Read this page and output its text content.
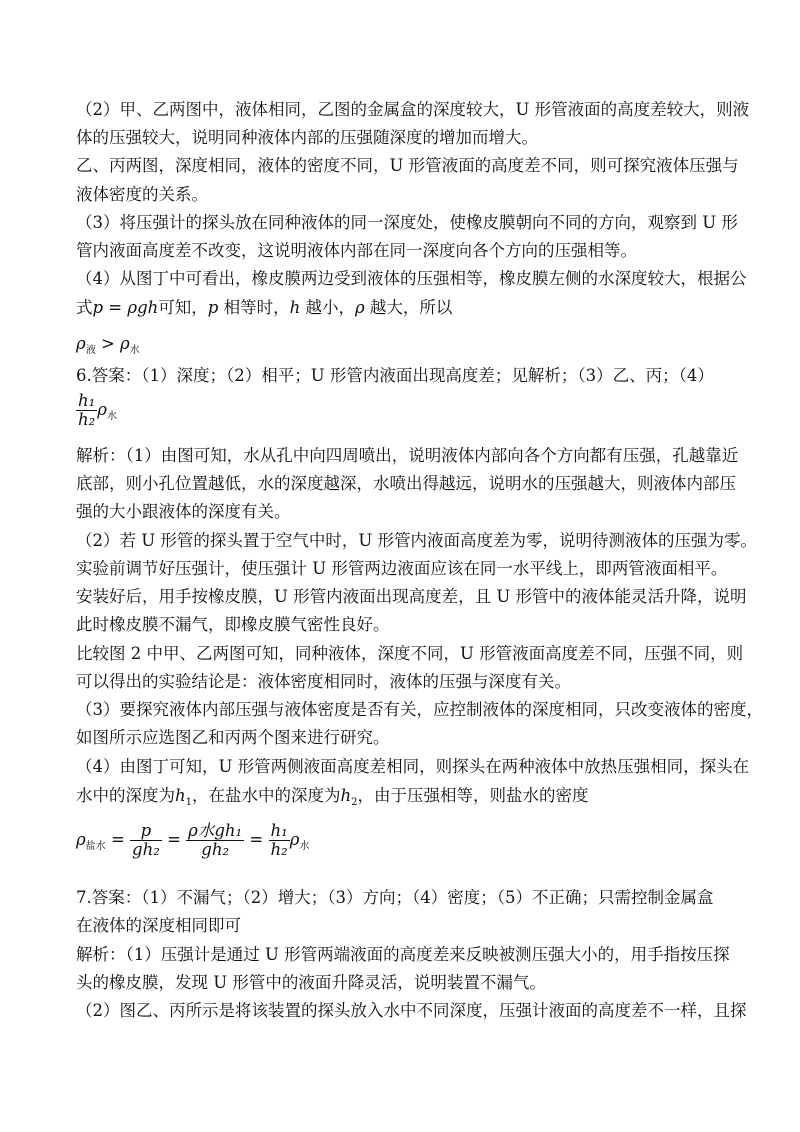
（2）甲、乙两图中，液体相同，乙图的金属盒的深度较大，U 形管液面的高度差较大，则液
体的压强较大，说明同种液体内部的压强随深度的增加而增大。
乙、丙两图，深度相同，液体的密度不同，U 形管液面的高度差不同，则可探究液体压强与
液体密度的关系。
（3）将压强计的探头放在同种液体的同一深度处，使橡皮膜朝向不同的方向，观察到 U 形
管内液面高度差不改变，这说明液体内部在同一深度向各个方向的压强相等。
（4）从图丁中可看出，橡皮膜两边受到液体的压强相等，橡皮膜左侧的水深度较大，根据公
式p = ρgh可知，p 相等时，h 越小，ρ 越大，所以
$\rho_液 > \rho_水$
6.答案：（1）深度；（2）相平；U 形管内液面出现高度差；见解析；（3）乙、丙；（4）
$\frac{\text{h₁}}{\text{h₂}} \rho_水$
解析：（1）由图可知，水从孔中向四周喷出，说明液体内部向各个方向都有压强，孔越靠近
底部，则小孔位置越低，水的深度越深，水喷出得越远，说明水的压强越大，则液体内部压
强的大小跟液体的深度有关。
（2）若 U 形管的探头置于空气中时，U 形管内液面高度差为零，说明待测液体的压强为零。
实验前调节好压强计，使压强计 U 形管两边液面应该在同一水平线上，即两管液面相平。
安装好后，用手按橡皮膜，U 形管内液面出现高度差，且 U 形管中的液体能灵活升降，说明
此时橡皮膜不漏气，即橡皮膜气密性良好。
比较图 2 中甲、乙两图可知，同种液体，深度不同，U 形管液面高度差不同，压强不同，则
可以得出的实验结论是：液体密度相同时，液体的压强与深度有关。
（3）要探究液体内部压强与液体密度是否有关，应控制液体的深度相同，只改变液体的密度，
如图所示应选图乙和丙两个图来进行研究。
（4）由图丁可知，U 形管两侧液面高度差相同，则探头在两种液体中放热压强相同，探头在
水中的深度为$h_1$，在盐水中的深度为$h_2$，由于压强相等，则盐水的密度
$\rho_{盐水} = \frac{p}{\text{gh₂}} = \frac{\text{ρ水gh₁}}{\text{gh₂}} = \frac{\text{h₁}}{\text{h₂}} \rho_水$
7.答案：（1）不漏气；（2）增大；（3）方向；（4）密度；（5）不正确；只需控制金属盒
在液体的深度相同即可
解析：（1）压强计是通过 U 形管两端液面的高度差来反映被测压强大小的，用手指按压探
头的橡皮膜，发现 U 形管中的液面升降灵活，说明装置不漏气。
（2）图乙、丙所示是将该装置的探头放入水中不同深度，压强计液面的高度差不一样，且探
